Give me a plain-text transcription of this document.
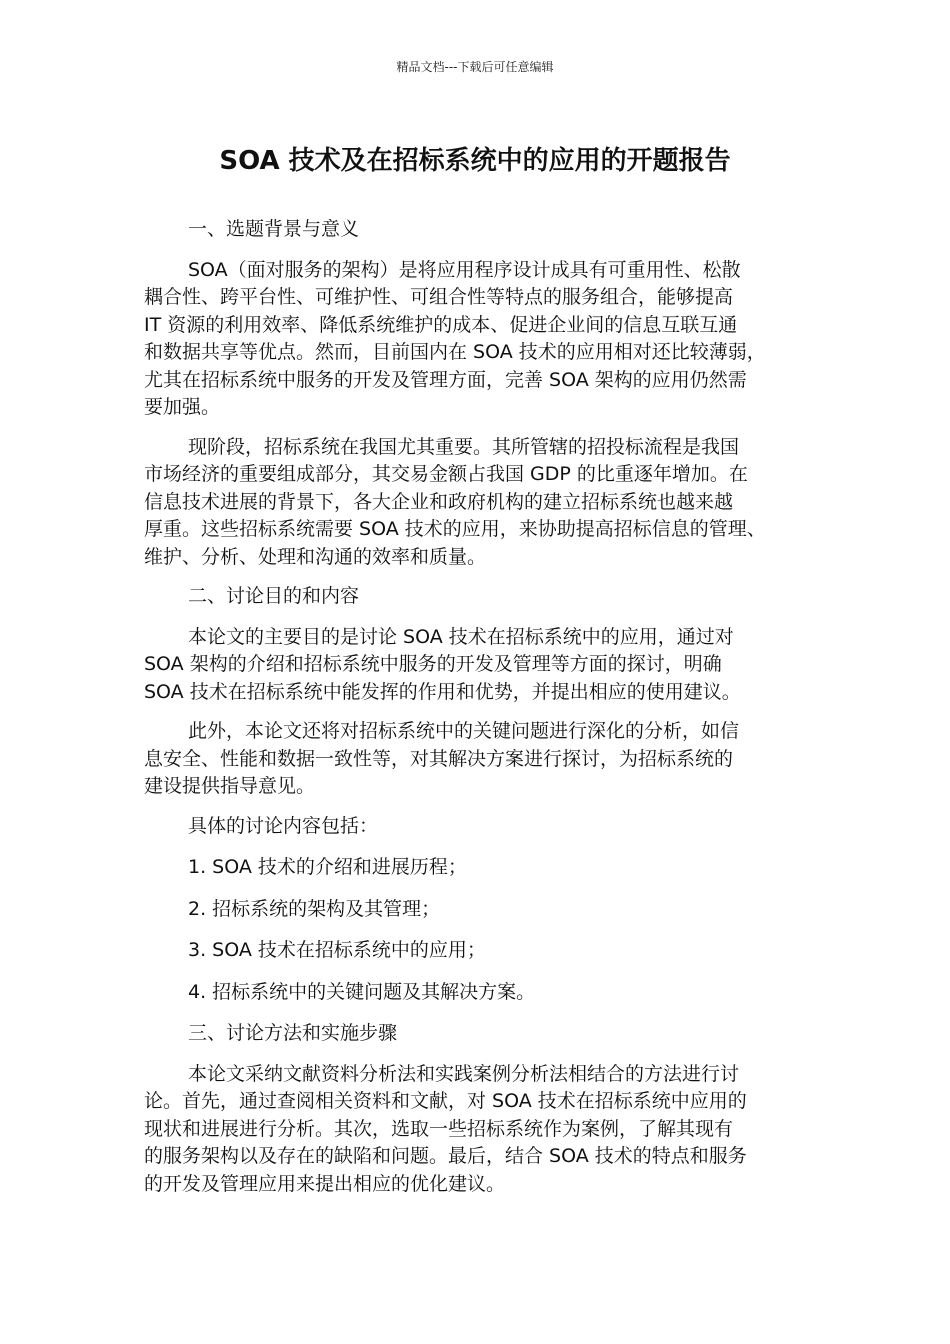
精品文档---下载后可任意编辑
SOA 技术及在招标系统中的应用的开题报告
一、选题背景与意义
SOA（面对服务的架构）是将应用程序设计成具有可重用性、松散
耦合性、跨平台性、可维护性、可组合性等特点的服务组合，能够提高
IT 资源的利用效率、降低系统维护的成本、促进企业间的信息互联互通
和数据共享等优点。然而，目前国内在 SOA 技术的应用相对还比较薄弱，
尤其在招标系统中服务的开发及管理方面，完善 SOA 架构的应用仍然需
要加强。
现阶段，招标系统在我国尤其重要。其所管辖的招投标流程是我国
市场经济的重要组成部分，其交易金额占我国 GDP 的比重逐年增加。在
信息技术进展的背景下，各大企业和政府机构的建立招标系统也越来越
厚重。这些招标系统需要 SOA 技术的应用，来协助提高招标信息的管理、
维护、分析、处理和沟通的效率和质量。
二、讨论目的和内容
本论文的主要目的是讨论 SOA 技术在招标系统中的应用，通过对
SOA 架构的介绍和招标系统中服务的开发及管理等方面的探讨，明确
SOA 技术在招标系统中能发挥的作用和优势，并提出相应的使用建议。
此外，本论文还将对招标系统中的关键问题进行深化的分析，如信
息安全、性能和数据一致性等，对其解决方案进行探讨，为招标系统的
建设提供指导意见。
具体的讨论内容包括：
1. SOA 技术的介绍和进展历程；
2. 招标系统的架构及其管理；
3. SOA 技术在招标系统中的应用；
4. 招标系统中的关键问题及其解决方案。
三、讨论方法和实施步骤
本论文采纳文献资料分析法和实践案例分析法相结合的方法进行讨
论。首先，通过查阅相关资料和文献，对 SOA 技术在招标系统中应用的
现状和进展进行分析。其次，选取一些招标系统作为案例，了解其现有
的服务架构以及存在的缺陷和问题。最后，结合 SOA 技术的特点和服务
的开发及管理应用来提出相应的优化建议。
